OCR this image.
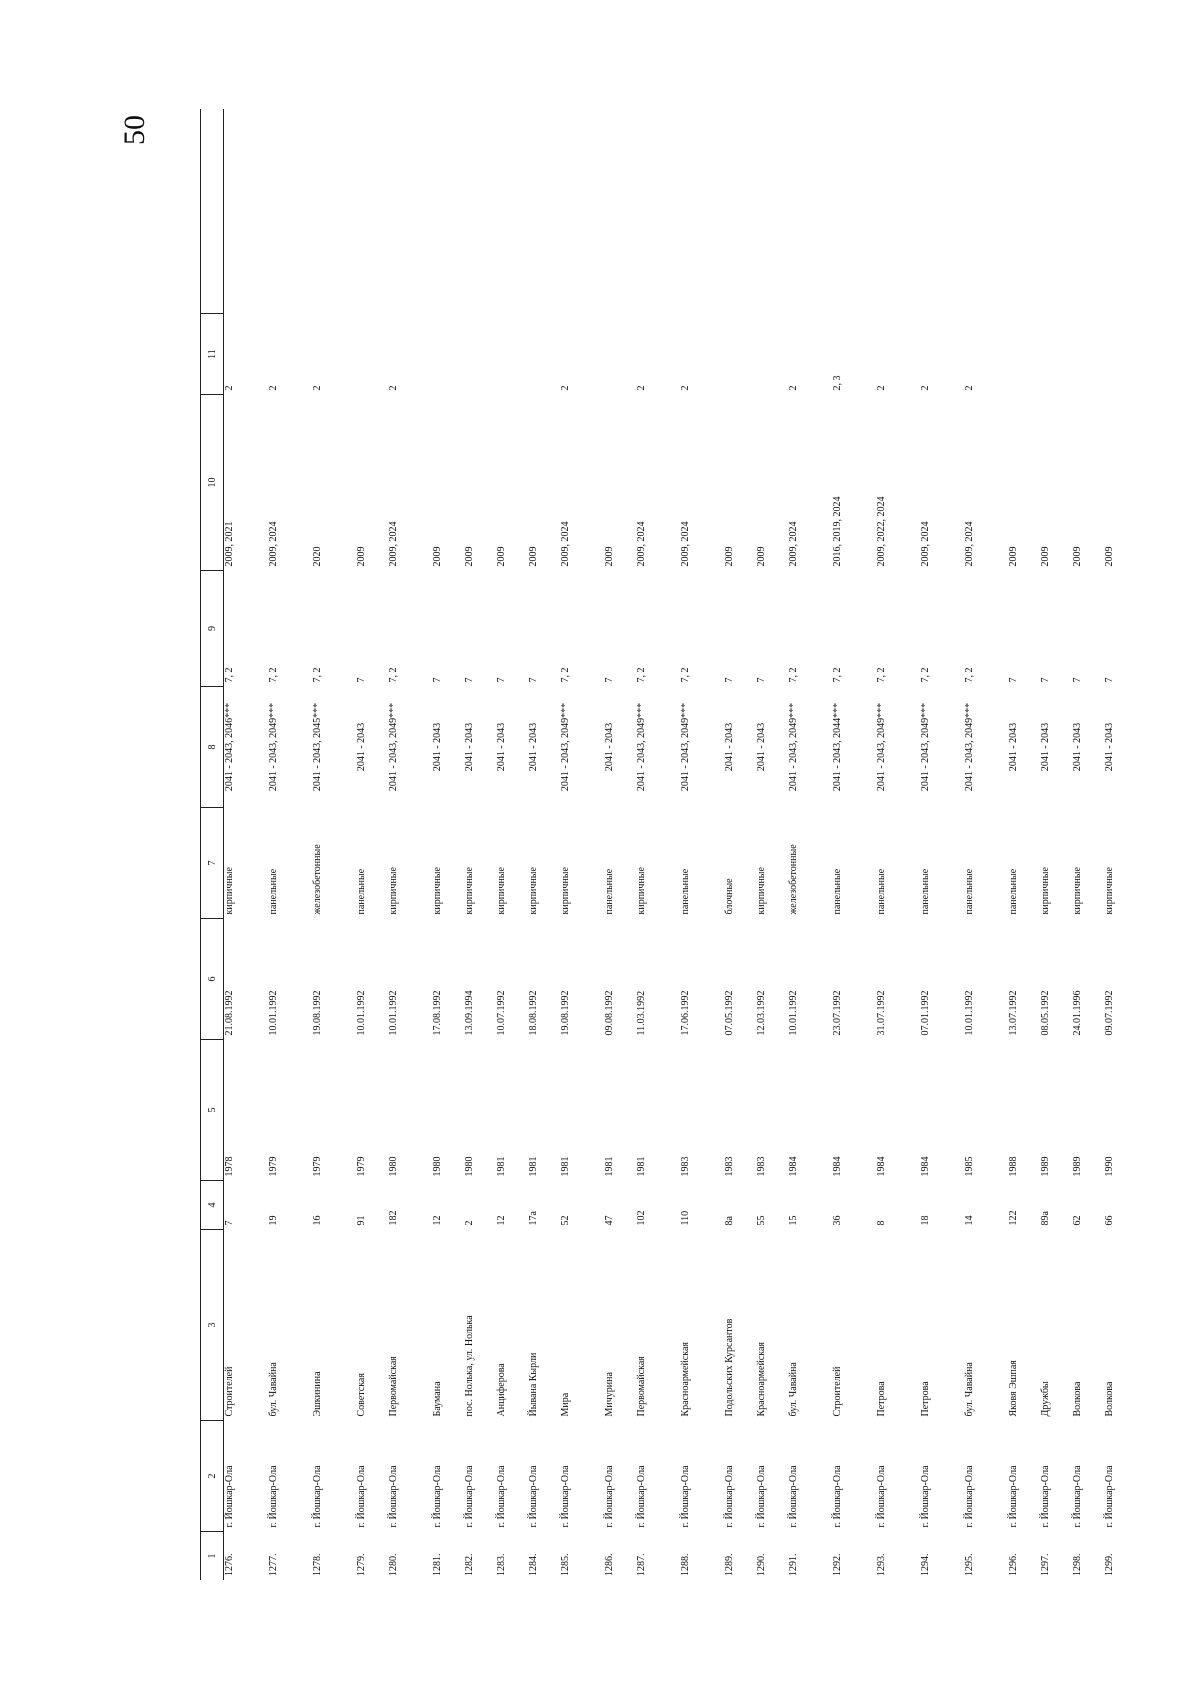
50
1	2	3	4	5	6	7	8	9	10	11	
1276.	г. Йошкар-Ола	Строителей	7	1978	21.08.1992	кирпичные	2041 - 2043, 2046***	7, 2	2009, 2021	2	
1277.	г. Йошкар-Ола	бул. Чавайна	19	1979	10.01.1992	панельные	2041 - 2043, 2049***	7, 2	2009, 2024	2	
1278.	г. Йошкар-Ола	Эшкинина	16	1979	19.08.1992	железобетонные	2041 - 2043, 2045***	7, 2	2020	2	
1279.	г. Йошкар-Ола	Советская	91	1979	10.01.1992	панельные	2041 - 2043	7	2009		
1280.	г. Йошкар-Ола	Первомайская	182	1980	10.01.1992	кирпичные	2041 - 2043, 2049***	7, 2	2009, 2024	2	
1281.	г. Йошкар-Ола	Баумана	12	1980	17.08.1992	кирпичные	2041 - 2043	7	2009		
1282.	г. Йошкар-Ола	пос. Нолька, ул. Нолька	2	1980	13.09.1994	кирпичные	2041 - 2043	7	2009		
1283.	г. Йошкар-Ола	Анциферова	12	1981	10.07.1992	кирпичные	2041 - 2043	7	2009		
1284.	г. Йошкар-Ола	Йывана Кырли	17а	1981	18.08.1992	кирпичные	2041 - 2043	7	2009		
1285.	г. Йошкар-Ола	Мира	52	1981	19.08.1992	кирпичные	2041 - 2043, 2049***	7, 2	2009, 2024	2	
1286.	г. Йошкар-Ола	Мичурина	47	1981	09.08.1992	панельные	2041 - 2043	7	2009		
1287.	г. Йошкар-Ола	Первомайская	102	1981	11.03.1992	кирпичные	2041 - 2043, 2049***	7, 2	2009, 2024	2	
1288.	г. Йошкар-Ола	Красноармейская	110	1983	17.06.1992	панельные	2041 - 2043, 2049***	7, 2	2009, 2024	2	
1289.	г. Йошкар-Ола	Подольских Курсантов	8а	1983	07.05.1992	блочные	2041 - 2043	7	2009		
1290.	г. Йошкар-Ола	Красноармейская	55	1983	12.03.1992	кирпичные	2041 - 2043	7	2009		
1291.	г. Йошкар-Ола	бул. Чавайна	15	1984	10.01.1992	железобетонные	2041 - 2043, 2049***	7, 2	2009, 2024	2	
1292.	г. Йошкар-Ола	Строителей	36	1984	23.07.1992	панельные	2041 - 2043, 2044***	7, 2	2016, 2019, 2024	2, 3	
1293.	г. Йошкар-Ола	Петрова	8	1984	31.07.1992	панельные	2041 - 2043, 2049***	7, 2	2009, 2022, 2024	2	
1294.	г. Йошкар-Ола	Петрова	18	1984	07.01.1992	панельные	2041 - 2043, 2049***	7, 2	2009, 2024	2	
1295.	г. Йошкар-Ола	бул. Чавайна	14	1985	10.01.1992	панельные	2041 - 2043, 2049***	7, 2	2009, 2024	2	
1296.	г. Йошкар-Ола	Яковя Эшпая	122	1988	13.07.1992	панельные	2041 - 2043	7	2009		
1297.	г. Йошкар-Ола	Дружбы	89а	1989	08.05.1992	кирпичные	2041 - 2043	7	2009		
1298.	г. Йошкар-Ола	Волкова	62	1989	24.01.1996	кирпичные	2041 - 2043	7	2009		
1299.	г. Йошкар-Ола	Волкова	66	1990	09.07.1992	кирпичные	2041 - 2043	7	2009		
